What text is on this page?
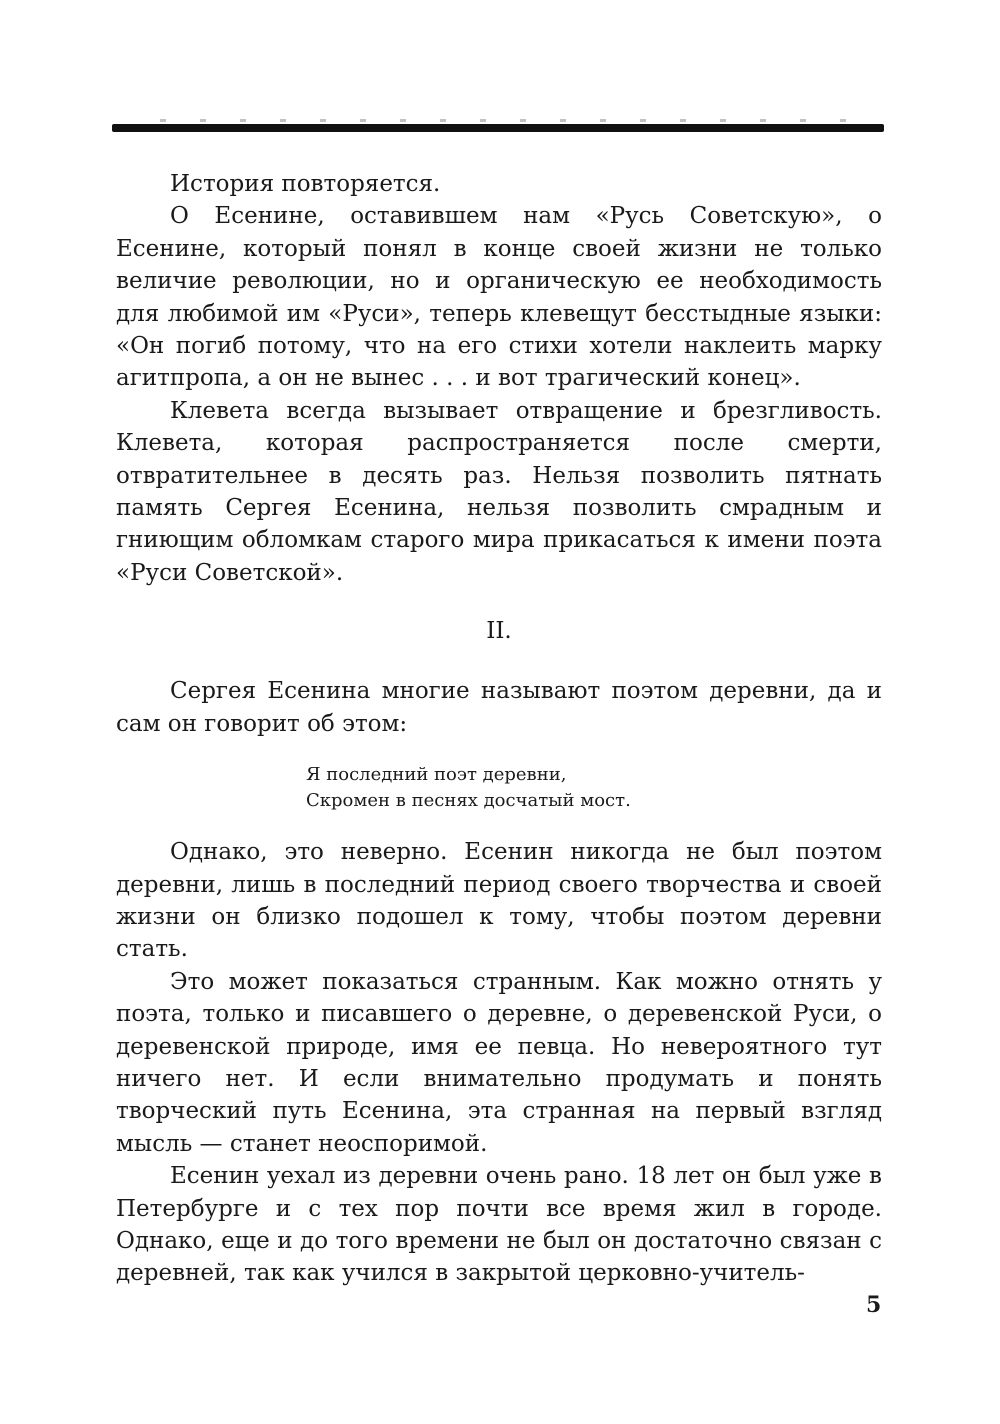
История повторяется.

О Есенине, оставившем нам «Русь Советскую», о Есенине, который понял в конце своей жизни не только величие революции, но и органическую ее необходимость для любимой им «Руси», теперь клевещут бесстыдные языки: «Он погиб потому, что на его стихи хотели наклеить марку агитпропа, а он не вынес . . . и вот трагический конец».

Клевета всегда вызывает отвращение и брезгливость. Клевета, которая распространяется после смерти, отвратительнее в десять раз. Нельзя позволить пятнать память Сергея Есенина, нельзя позволить смрадным и гниющим обломкам старого мира прикасаться к имени поэта «Руси Советской».

II.

Сергея Есенина многие называют поэтом деревни, да и сам он говорит об этом:

Я последний поэт деревни,
Скромен в песнях досчатый мост.

Однако, это неверно. Есенин никогда не был поэтом деревни, лишь в последний период своего творчества и своей жизни он близко подошел к тому, чтобы поэтом деревни стать.

Это может показаться странным. Как можно отнять у поэта, только и писавшего о деревне, о деревенской Руси, о деревенской природе, имя ее певца. Но невероятного тут ничего нет. И если внимательно продумать и понять творческий путь Есенина, эта странная на первый взгляд мысль — станет неоспоримой.

Есенин уехал из деревни очень рано. 18 лет он был уже в Петербурге и с тех пор почти все время жил в городе. Однако, еще и до того времени не был он достаточно связан с деревней, так как учился в закрытой церковно-учитель-

5
